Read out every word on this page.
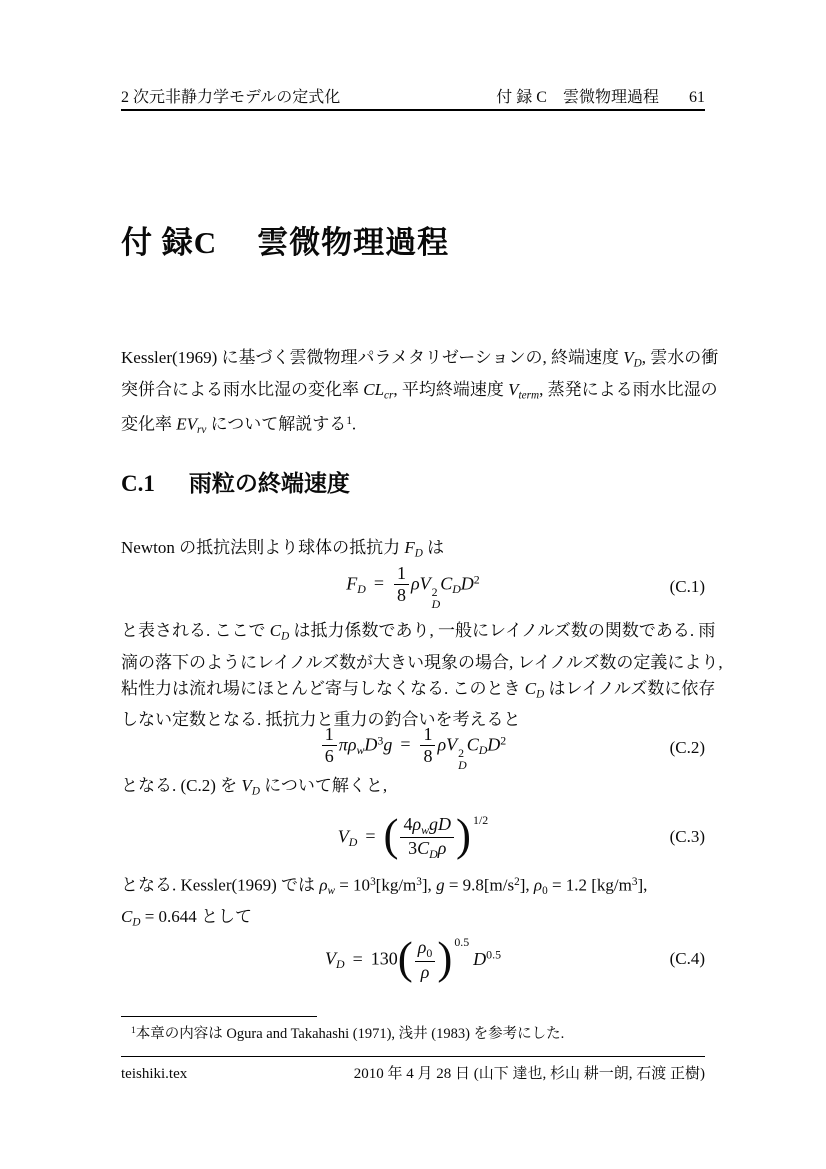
2 次元非静力学モデルの定式化	付 録 C 雲微物理過程 61
付 録C 雲微物理過程
Kessler(1969) に基づく雲微物理パラメタリゼーションの, 終端速度 $V_D$, 雲水の衝
突併合による雨水比湿の変化率 $CL_{cr}$, 平均終端速度 $V_{term}$, 蒸発による雨水比湿の
変化率 $EV_{rv}$ について解説する$^1$.
C.1 雨粒の終端速度
Newton の抵抗法則より球体の抵抗力 $F_D$ は
$F_D = \frac{1}{8}$ ρV 2
D
$C_DD^2$	(C.1)
と表される. ここで $C_D$ は抵力係数であり, 一般にレイノルズ数の関数である. 雨
滴の落下のようにレイノルズ数が大きい現象の場合, レイノルズ数の定義により,
粘性力は流れ場にほとんど寄与しなくなる. このとき $C_D$ はレイノルズ数に依存
しない定数となる. 抵抗力と重力の釣合いを考えると
$\frac{1}{6} \pi\rho_wD^3g = \frac{1}{8}$ ρV 2
D
$C_DD^2$	(C.2)
となる. (C.2) を $V_D$ について解くと,
$V_D$ = ( $\frac{4\rho_wgD}{3C_D\rho}$ ) $^{1/2}$
(C.3)
となる. Kessler(1969) では $\rho_w = 10^3[kg/m^3]$, $g = 9.8[m/s^2]$, $\rho_0 = 1.2$ $[kg/m^3]$,
$C_D = 0.644$ として
$V_D = 130( \frac{\rho_0}{\rho}$ ) $^{0.5}D^{0.5}$	(C.4)
$^1$本章の内容は Ogura and Takahashi (1971), 浅井 (1983) を参考にした.
teishiki.tex	2010 年 4 月 28 日 (山下 達也, 杉山 耕一朗, 石渡 正樹)
